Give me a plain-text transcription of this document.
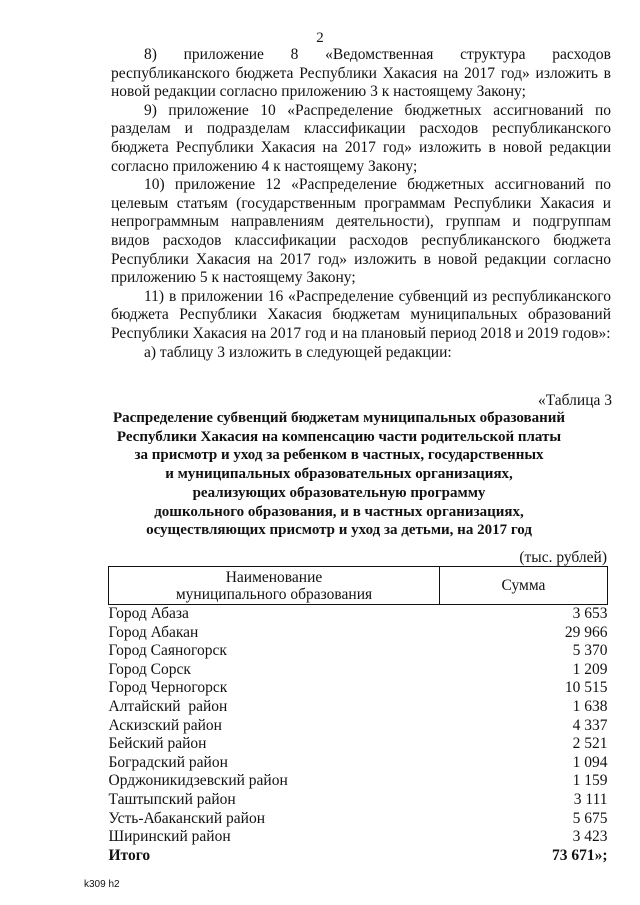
2

8) приложение 8 «Ведомственная структура расходов республиканского бюджета Республики Хакасия на 2017 год» изложить в новой редакции согласно приложению 3 к настоящему Закону;

9) приложение 10 «Распределение бюджетных ассигнований по разделам и подразделам классификации расходов республиканского бюджета Республики Хакасия на 2017 год» изложить в новой редакции согласно приложению 4 к настоящему Закону;

10) приложение 12 «Распределение бюджетных ассигнований по целевым статьям (государственным программам Республики Хакасия и непрограммным направлениям деятельности), группам и подгруппам видов расходов классификации расходов республиканского бюджета Республики Хакасия на 2017 год» изложить в новой редакции согласно приложению 5 к настоящему Закону;

11) в приложении 16 «Распределение субвенций из республиканского бюджета Республики Хакасия бюджетам муниципальных образований Республики Хакасия на 2017 год и на плановый период 2018 и 2019 годов»:

а) таблицу 3 изложить в следующей редакции:

«Таблица 3
Распределение субвенций бюджетам муниципальных образований
Республики Хакасия на компенсацию части родительской платы
за присмотр и уход за ребенком в частных, государственных
и муниципальных образовательных организациях,
реализующих образовательную программу
дошкольного образования, и в частных организациях,
осуществляющих присмотр и уход за детьми, на 2017 год
(тыс. рублей)
Наименование
муниципального образования	Сумма
Город Абаза	3 653
Город Абакан	29 966
Город Саяногорск	5 370
Город Сорск	1 209
Город Черногорск	10 515
Алтайский  район	1 638
Аскизский район	4 337
Бейский район	2 521
Боградский район	1 094
Орджоникидзевский район	1 159
Таштыпский район	3 111
Усть-Абаканский район	5 675
Ширинский район	3 423
Итого	73 671»;
k309 h2
